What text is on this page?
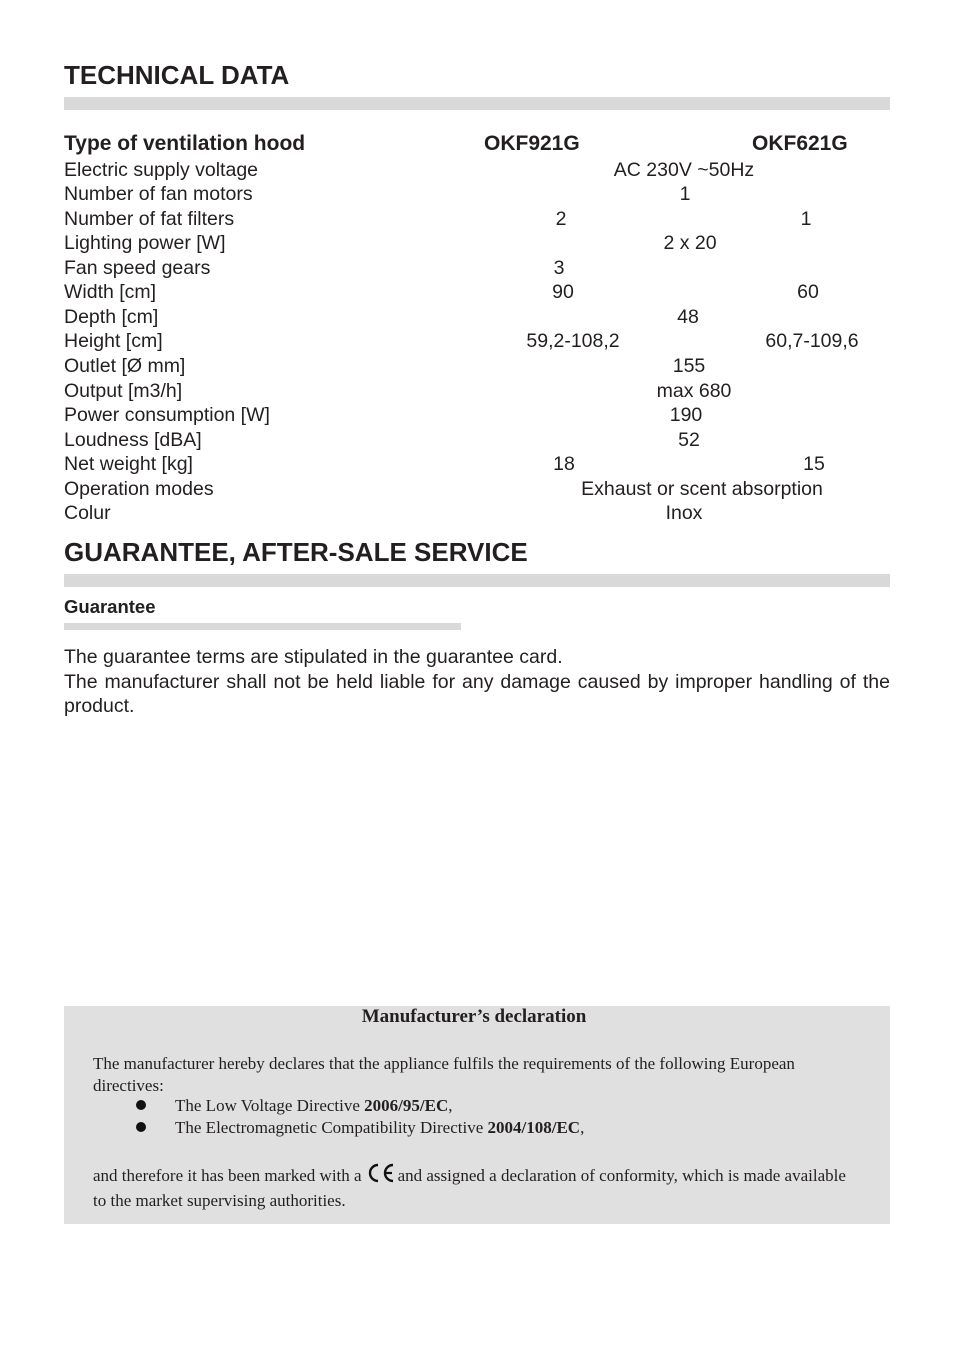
TECHNICAL DATA
Type of ventilation hood	OKF921G	OKF621G
Electric supply voltage	AC 230V ~50Hz
Number of fan motors	1
Number of fat filters	2	1
Lighting power [W]	2 x 20
Fan speed gears	3
Width [cm]	90	60
Depth [cm]	48
Height [cm]	59,2-108,2	60,7-109,6
Outlet [Ø mm]	155
Output [m3/h]	max 680
Power consumption [W]	190
Loudness [dBA]	52
Net weight [kg]	18	15
Operation modes	Exhaust or scent absorption
Colur	Inox
GUARANTEE, AFTER-SALE SERVICE
Guarantee

The guarantee terms are stipulated in the guarantee card.

The manufacturer shall not be held liable for any damage caused by improper handling of the product.

Manufacturer’s declaration
The manufacturer hereby declares that the appliance fulfils the requirements of the following European directives:
The Low Voltage Directive 2006/95/EC,
The Electromagnetic Compatibility Directive 2004/108/EC,
and therefore it has been marked with a and assigned a declaration of conformity, which is made available to the market supervising authorities.
